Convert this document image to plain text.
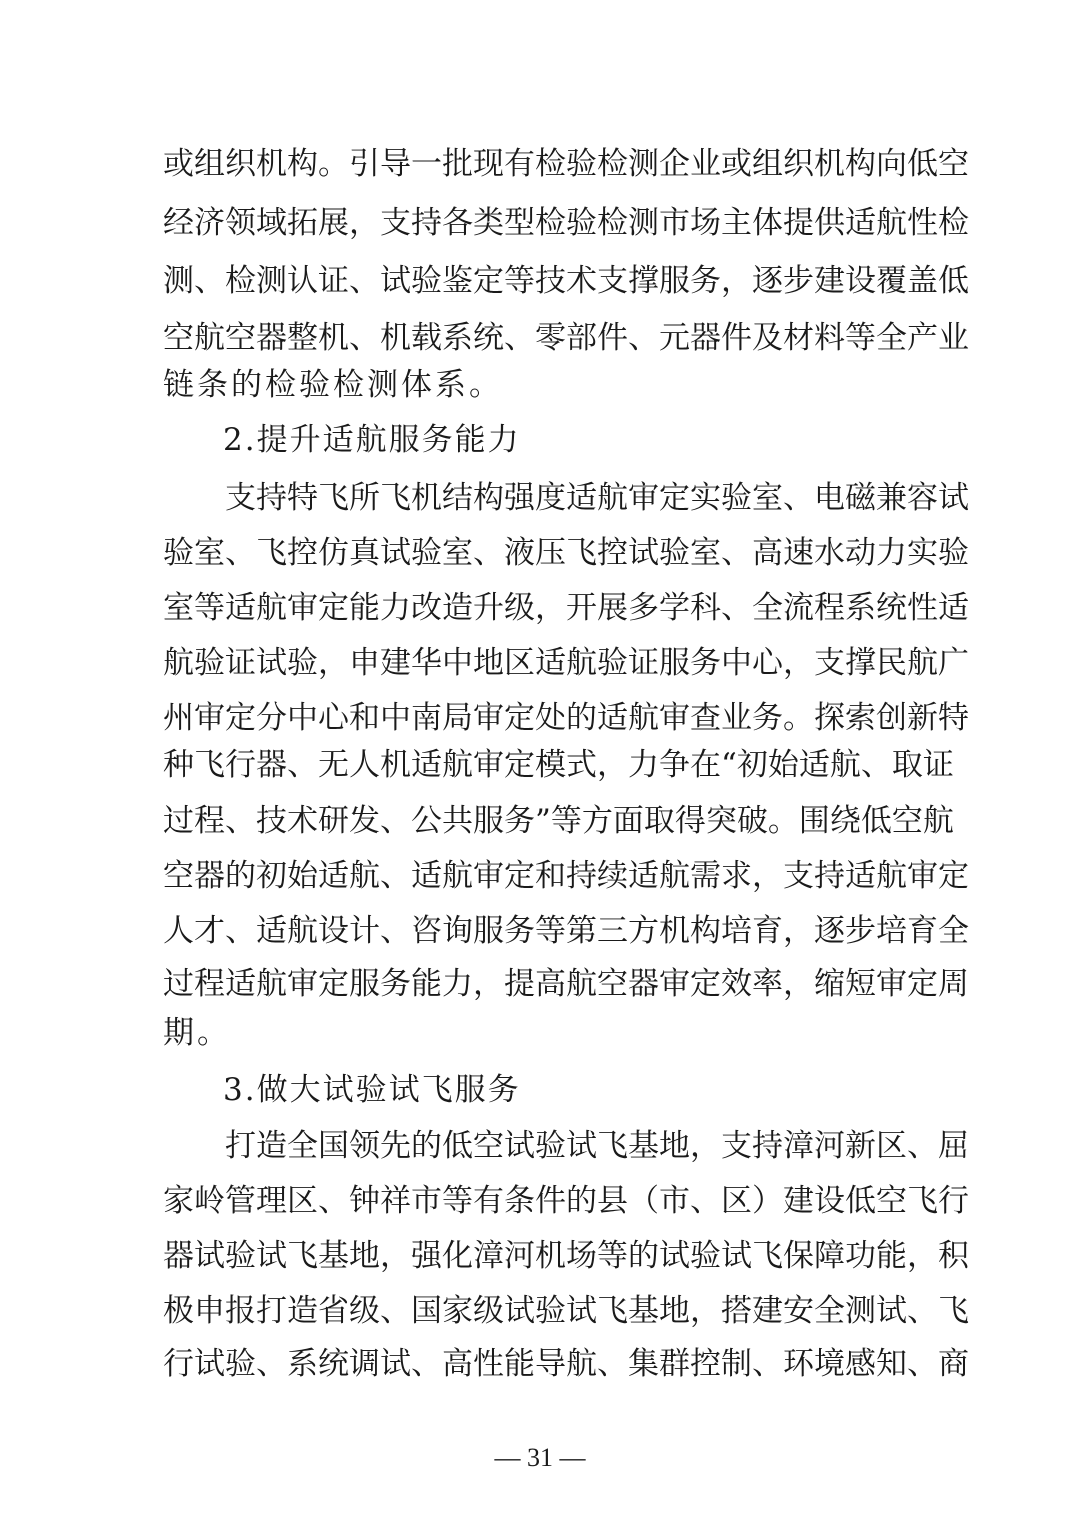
或组织机构。引导一批现有检验检测企业或组织机构向低空
经济领域拓展，支持各类型检验检测市场主体提供适航性检
测、检测认证、试验鉴定等技术支撑服务，逐步建设覆盖低
空航空器整机、机载系统、零部件、元器件及材料等全产业
链条的检验检测体系。
2.提升适航服务能力
支持特飞所飞机结构强度适航审定实验室、电磁兼容试
验室、飞控仿真试验室、液压飞控试验室、高速水动力实验
室等适航审定能力改造升级，开展多学科、全流程系统性适
航验证试验，申建华中地区适航验证服务中心，支撑民航广
州审定分中心和中南局审定处的适航审查业务。探索创新特
种飞行器、无人机适航审定模式，力争在“初始适航、取证
过程、技术研发、公共服务”等方面取得突破。围绕低空航
空器的初始适航、适航审定和持续适航需求，支持适航审定
人才、适航设计、咨询服务等第三方机构培育，逐步培育全
过程适航审定服务能力，提高航空器审定效率，缩短审定周
期。
3.做大试验试飞服务
打造全国领先的低空试验试飞基地，支持漳河新区、屈
家岭管理区、钟祥市等有条件的县（市、区）建设低空飞行
器试验试飞基地，强化漳河机场等的试验试飞保障功能，积
极申报打造省级、国家级试验试飞基地，搭建安全测试、飞
行试验、系统调试、高性能导航、集群控制、环境感知、商
— 31 —
